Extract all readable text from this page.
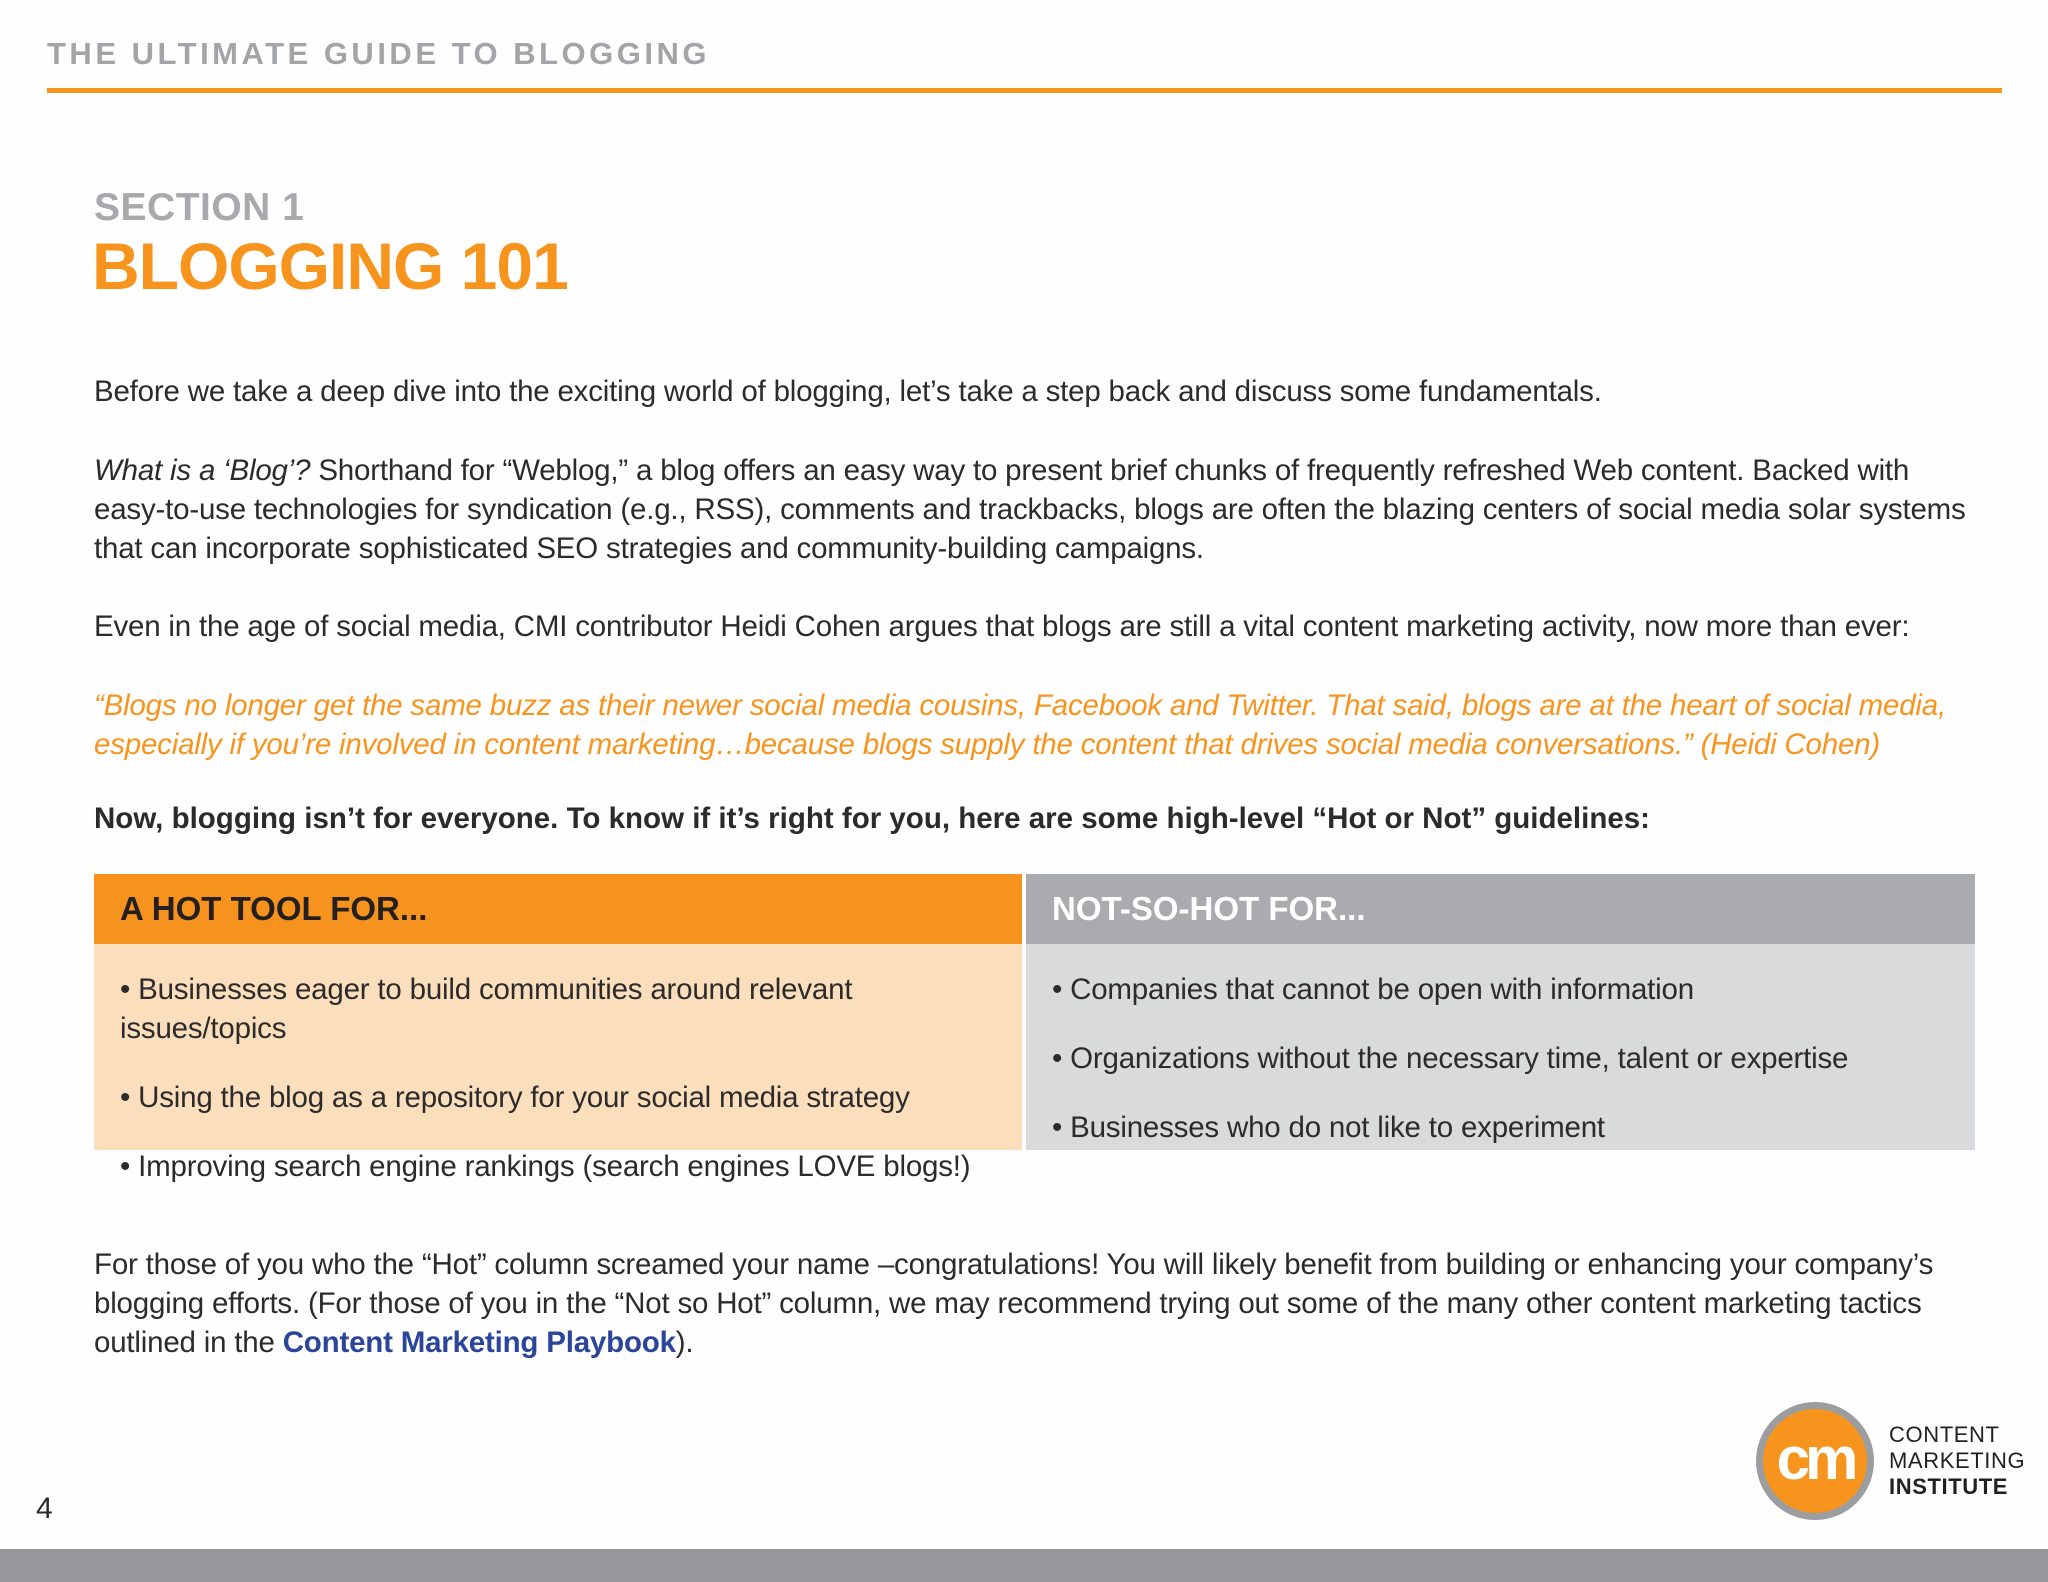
THE ULTIMATE GUIDE TO BLOGGING
SECTION 1
BLOGGING 101

Before we take a deep dive into the exciting world of blogging, let’s take a step back and discuss some fundamentals.

What is a ‘Blog’? Shorthand for “Weblog,” a blog offers an easy way to present brief chunks of frequently refreshed Web content. Backed with easy-to-use technologies for syndication (e.g., RSS), comments and trackbacks, blogs are often the blazing centers of social media solar systems that can incorporate sophisticated SEO strategies and community-building campaigns.

Even in the age of social media, CMI contributor Heidi Cohen argues that blogs are still a vital content marketing activity, now more than ever:

“Blogs no longer get the same buzz as their newer social media cousins, Facebook and Twitter. That said, blogs are at the heart of social media, especially if you’re involved in content marketing…because blogs supply the content that drives social media conversations.” (Heidi Cohen)

Now, blogging isn’t for everyone. To know if it’s right for you, here are some high-level “Hot or Not” guidelines:

A HOT TOOL FOR...
• Businesses eager to build communities around relevant issues/topics
• Using the blog as a repository for your social media strategy
• Improving search engine rankings (search engines LOVE blogs!)
NOT-SO-HOT FOR...
• Companies that cannot be open with information
• Organizations without the necessary time, talent or expertise
• Businesses who do not like to experiment

For those of you who the “Hot” column screamed your name –congratulations! You will likely benefit from building or enhancing your company’s blogging efforts. (For those of you in the “Not so Hot” column, we may recommend trying out some of the many other content marketing tactics outlined in the Content Marketing Playbook).

4
cm CONTENT
MARKETING
INSTITUTE
